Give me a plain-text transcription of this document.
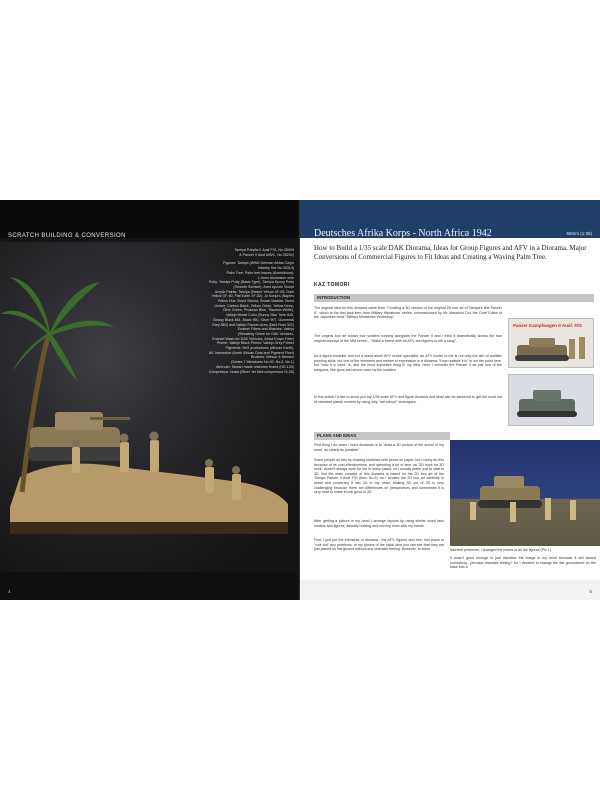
SCRATCH BUILDING & CONVERSION
Tamiya Pzkpfw II Ausf F/G, No.35009
& Panzer II Ausf A/B/C, No.35292)
Figures: Tamiya (WWII German Africa Corps
Infantry Set No.35314)
Palm Tree: Palm tree leaves (Kombiblum);
1.5mm Aluminium wire
Putty: Tamiya Putty (Basic Type), Tamiya Epoxy Putty
(Smooth Surface), Aves Apoxie Sculpt
Acrylic Paints: Tamiya (Desert Yellow XF-59, Dark
Yellow XF-60, Flat Earth XF-52), Jo Sonja's (Naples
Yellow Hue, Burnt Sienna, Brown Madder, Burnt
Umber, Carbon Black, Yellow Oxide, Yellow Deep,
Olive Green, Prussian Blue, Titanium White),
Vallejo Model Color (Sunny Skin Tone 845,
Glossy Black 861, Black 950, Silver 997, Gunmetal
Grey 863) and Vallejo Panzer Aces (Dark Rust 302)
Enamel Filters and Washes: Vallejo
(Streaking Grime for DAK Vehicles,
Enamel Wash for DAK Vehicles, Africa Korps Filter)
Primer: Vallejo Black Primer, Vallejo Grey Primer
Pigments: MIG productions (African Earth),
AK-Interactive (North African Dust and Pigment Fixer)
Brushes: Winsor & Newton
(Series 7 Miniatures No.00, No.0, No.1)
Airbrush: Taiwan made unknown brand (HD-130)
Compressor: Iwata (Silver Jet Mini compressor IS-35)
4
Deutsches Afrika Korps - North Africa 1942	50mm (1:35)
How to Build a 1/35 scale DAK Diorama, Ideas for Group Figures and AFV in a Diorama, Major Conversions of Commercial Figures to Fit Ideas and Creating a Waving Palm Tree.
KAZ TOMORI
INTRODUCTION
The original idea for this diorama came from "Creating a 3D version of the original 2D box art of Tamiya's first Panzer II", which is the first tank item from Military Miniatures' series, commissioned by Mr. Masahiro Doi, the Chief Editor of the Japanese book "Military Miniatures Workshop".
The original box art shows four soldiers running alongside the Panzer II and I think it dramatically shows the true original concept of the MM series... "Make a scene with an AFV and figures to tell a story".
As a figure-modeller and not a stand-alone AFV model specialist, an AFV model to me is not only the aim of realistic painting skills, but one of the elements and means of expression in a diorama. "How realistic it is" is not the point here, but "how it is used" is, and the most important thing in my idea. Here I consider the Panzer II as just one of the weapons, like guns and ammo used by the soldiers.
In this article I'd like to show you my 1/35 scale AFV and figure diorama and what can be achieved to get the most out of standard plastic models by using only "old school" techniques.
Panzer Kampfwagen II Ausf. F/G
PLANS AND IDEAS
First thing I do when I build dioramas is to "draw a 3D picture of the scene in my head, as clearly as possible".
Some people do this by drawing sketches with pencil on paper, but I rarely do this because of its cost-effectiveness, and spending a lot of time on "2D work for 3D work" doesn't always work for me in many cases, so I usually prefer just to start in 3D. But the main concept of this diorama is based on the 2D box art of the Tamiya Panzer II Ausf F/G (Item No.9), so I studied the 2D box art carefully in detail and converted it into 3D in my head. Making 3D out of 2D is very challenging because there are differences on perspectives and sometimes it is very hard to make it look good in 3D.
After getting a picture in my head I arrange layouts by using similar sized tank models and figures, actually holding and moving them with my hands.
First, I just put the elements of diorama - the AFV, figures and tree, into place to "root out" any problems. In my photos of the initial idea you can see that they are just placed on flat ground without any dramatic feeling. However, to solve	inherent problems, I changed the poses of all the figures (Pic 1).
It wasn't good enough to just visualise the image in my mind because it still lacked something - perhaps dramatic feeling? So I decided to change the flat groundwork on the base into a
5
